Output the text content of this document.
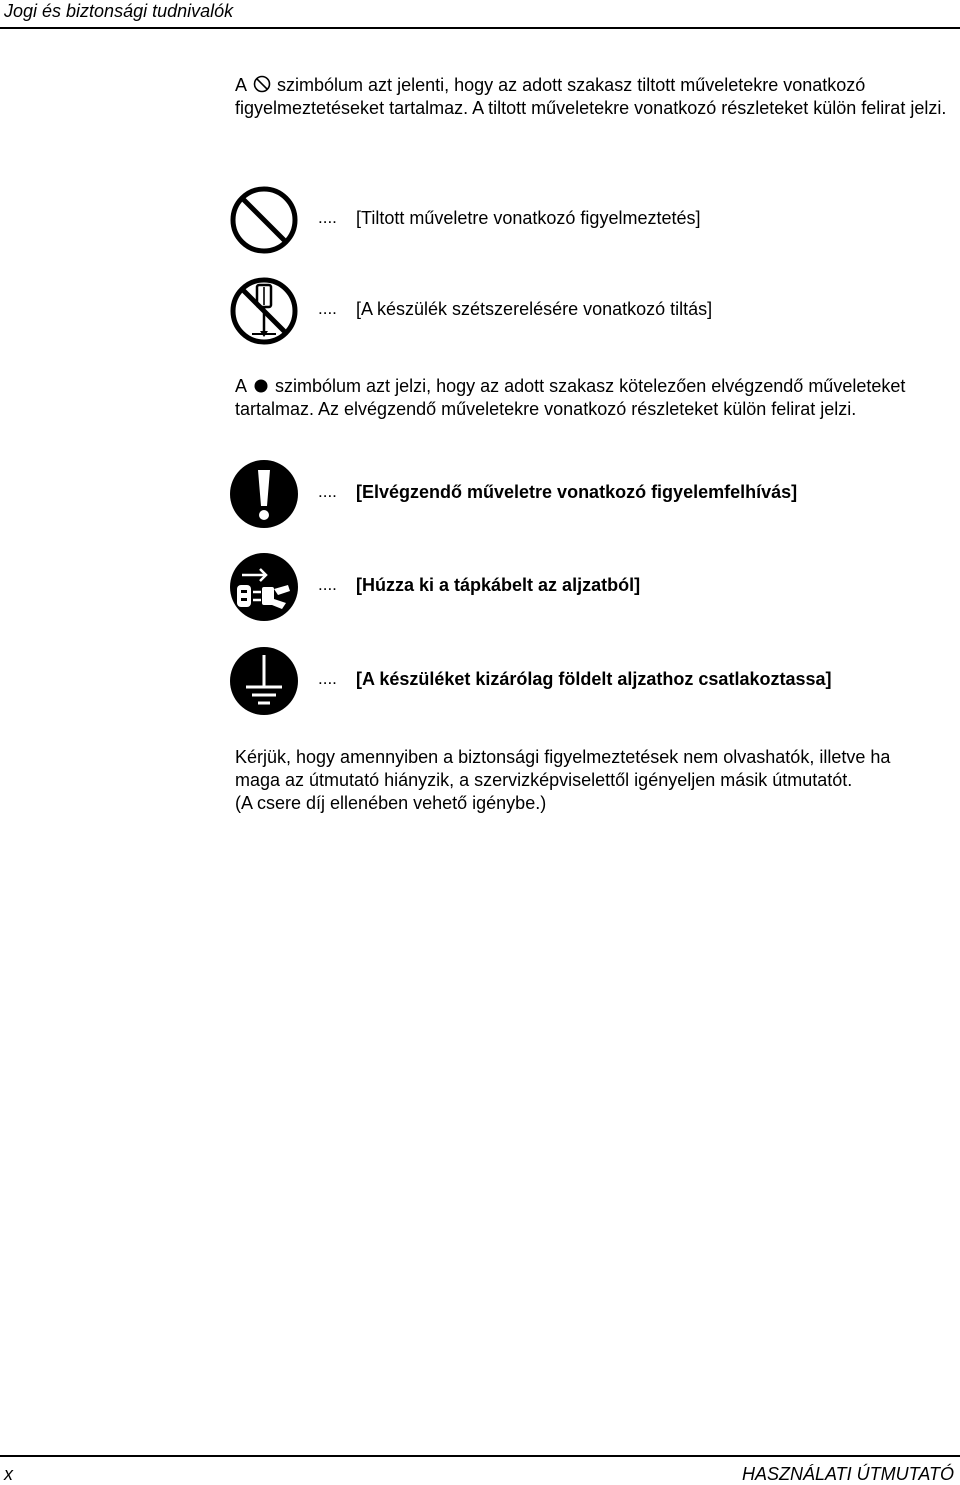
Jogi és biztonsági tudnivalók
A szimbólum azt jelenti, hogy az adott szakasz tiltott műveletekre vonatkozó figyelmeztetéseket tartalmaz. A tiltott műveletekre vonatkozó részleteket külön felirat jelzi.
.... [Tiltott műveletre vonatkozó figyelmeztetés]
.... [A készülék szétszerelésére vonatkozó tiltás]
A szimbólum azt jelzi, hogy az adott szakasz kötelezően elvégzendő műveleteket tartalmaz. Az elvégzendő műveletekre vonatkozó részleteket külön felirat jelzi.
.... [Elvégzendő műveletre vonatkozó figyelemfelhívás]
.... [Húzza ki a tápkábelt az aljzatból]
.... [A készüléket kizárólag földelt aljzathoz csatlakoztassa]
Kérjük, hogy amennyiben a biztonsági figyelmeztetések nem olvashatók, illetve ha
maga az útmutató hiányzik, a szervizképviselettől igényeljen másik útmutatót.
(A csere díj ellenében vehető igénybe.)
x	HASZNÁLATI ÚTMUTATÓ
